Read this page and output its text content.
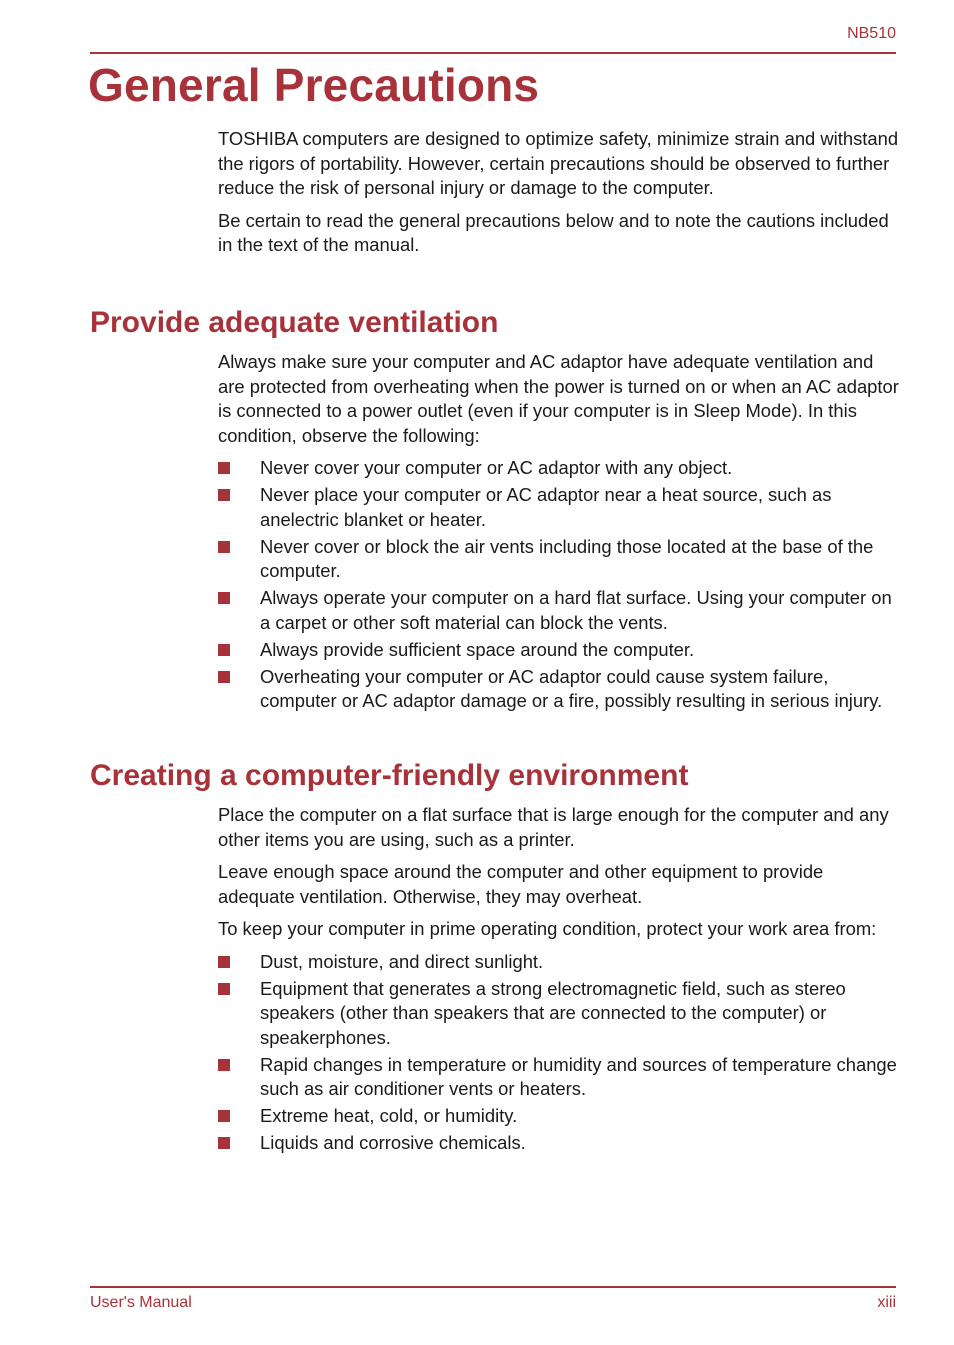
NB510
General Precautions

TOSHIBA computers are designed to optimize safety, minimize strain and withstand the rigors of portability. However, certain precautions should be observed to further reduce the risk of personal injury or damage to the computer.

Be certain to read the general precautions below and to note the cautions included in the text of the manual.

Provide adequate ventilation

Always make sure your computer and AC adaptor have adequate ventilation and are protected from overheating when the power is turned on or when an AC adaptor is connected to a power outlet (even if your computer is in Sleep Mode). In this condition, observe the following:

Never cover your computer or AC adaptor with any object.
Never place your computer or AC adaptor near a heat source, such as anelectric blanket or heater.
Never cover or block the air vents including those located at the base of the computer.
Always operate your computer on a hard flat surface. Using your computer on a carpet or other soft material can block the vents.
Always provide sufficient space around the computer.
Overheating your computer or AC adaptor could cause system failure, computer or AC adaptor damage or a fire, possibly resulting in serious injury.
Creating a computer-friendly environment

Place the computer on a flat surface that is large enough for the computer and any other items you are using, such as a printer.

Leave enough space around the computer and other equipment to provide adequate ventilation. Otherwise, they may overheat.

To keep your computer in prime operating condition, protect your work area from:

Dust, moisture, and direct sunlight.
Equipment that generates a strong electromagnetic field, such as stereo speakers (other than speakers that are connected to the computer) or speakerphones.
Rapid changes in temperature or humidity and sources of temperature change such as air conditioner vents or heaters.
Extreme heat, cold, or humidity.
Liquids and corrosive chemicals.
User's Manual	xiii
